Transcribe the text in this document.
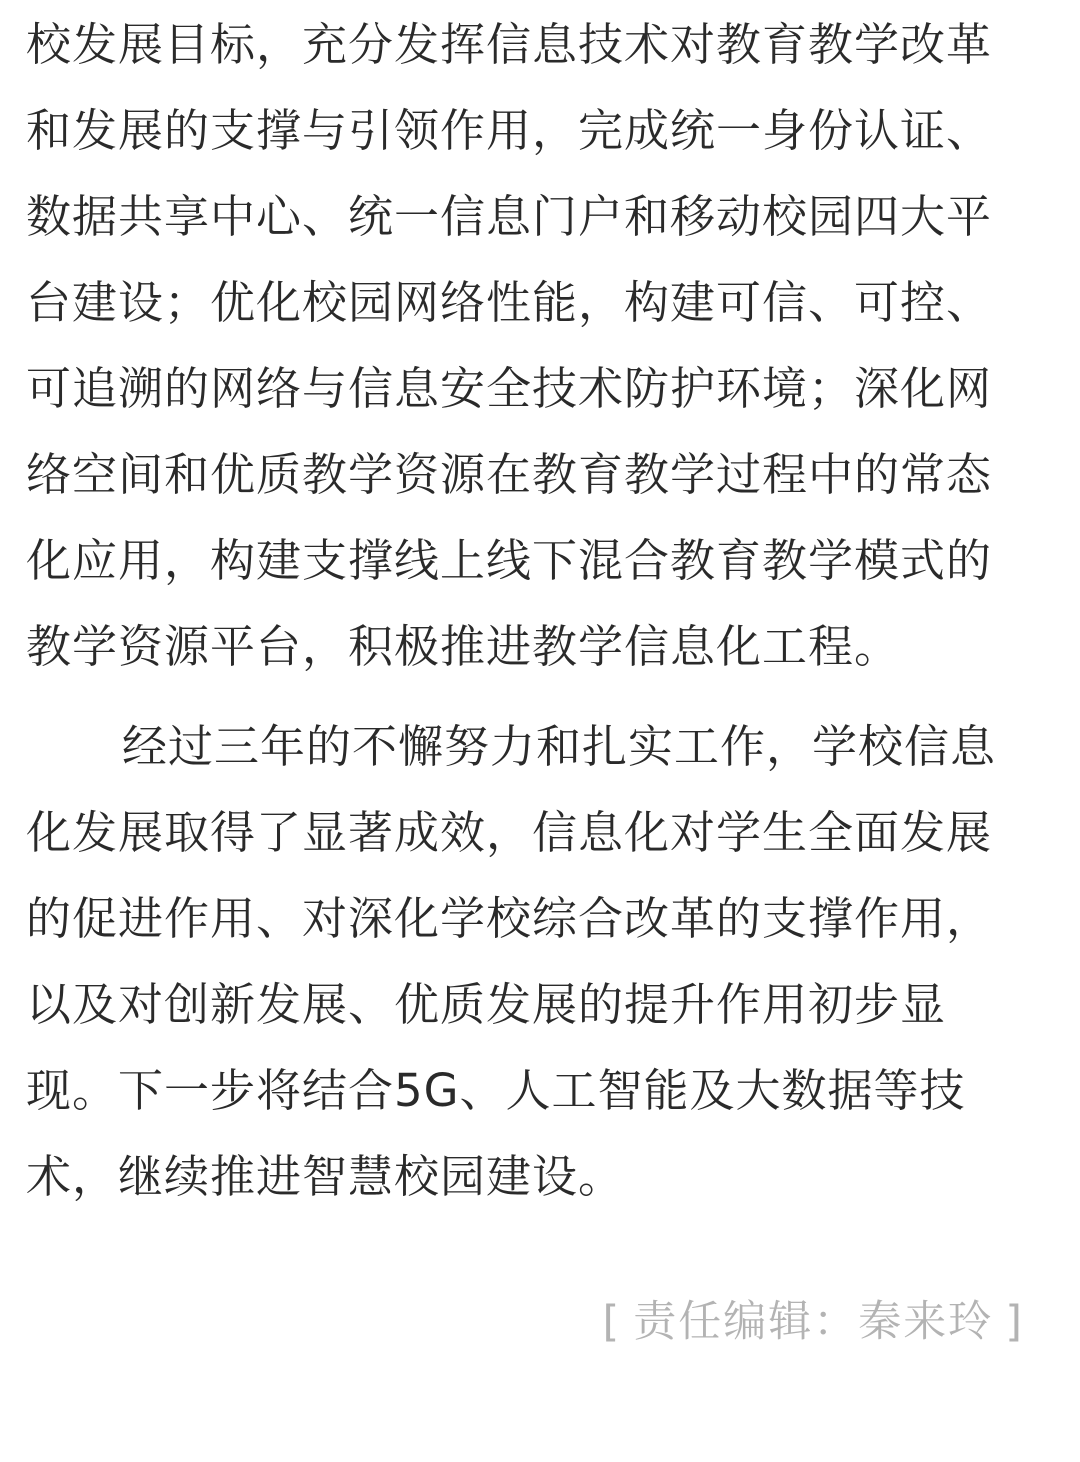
校发展目标，充分发挥信息技术对教育教学改革
和发展的支撑与引领作用，完成统一身份认证、
数据共享中心、统一信息门户和移动校园四大平
台建设；优化校园网络性能，构建可信、可控、
可追溯的网络与信息安全技术防护环境；深化网
络空间和优质教学资源在教育教学过程中的常态
化应用，构建支撑线上线下混合教育教学模式的
教学资源平台，积极推进教学信息化工程。
经过三年的不懈努力和扎实工作，学校信息
化发展取得了显著成效，信息化对学生全面发展
的促进作用、对深化学校综合改革的支撑作用，
以及对创新发展、优质发展的提升作用初步显
现。下一步将结合5G、人工智能及大数据等技
术，继续推进智慧校园建设。
[ 责任编辑：秦来玲 ]
